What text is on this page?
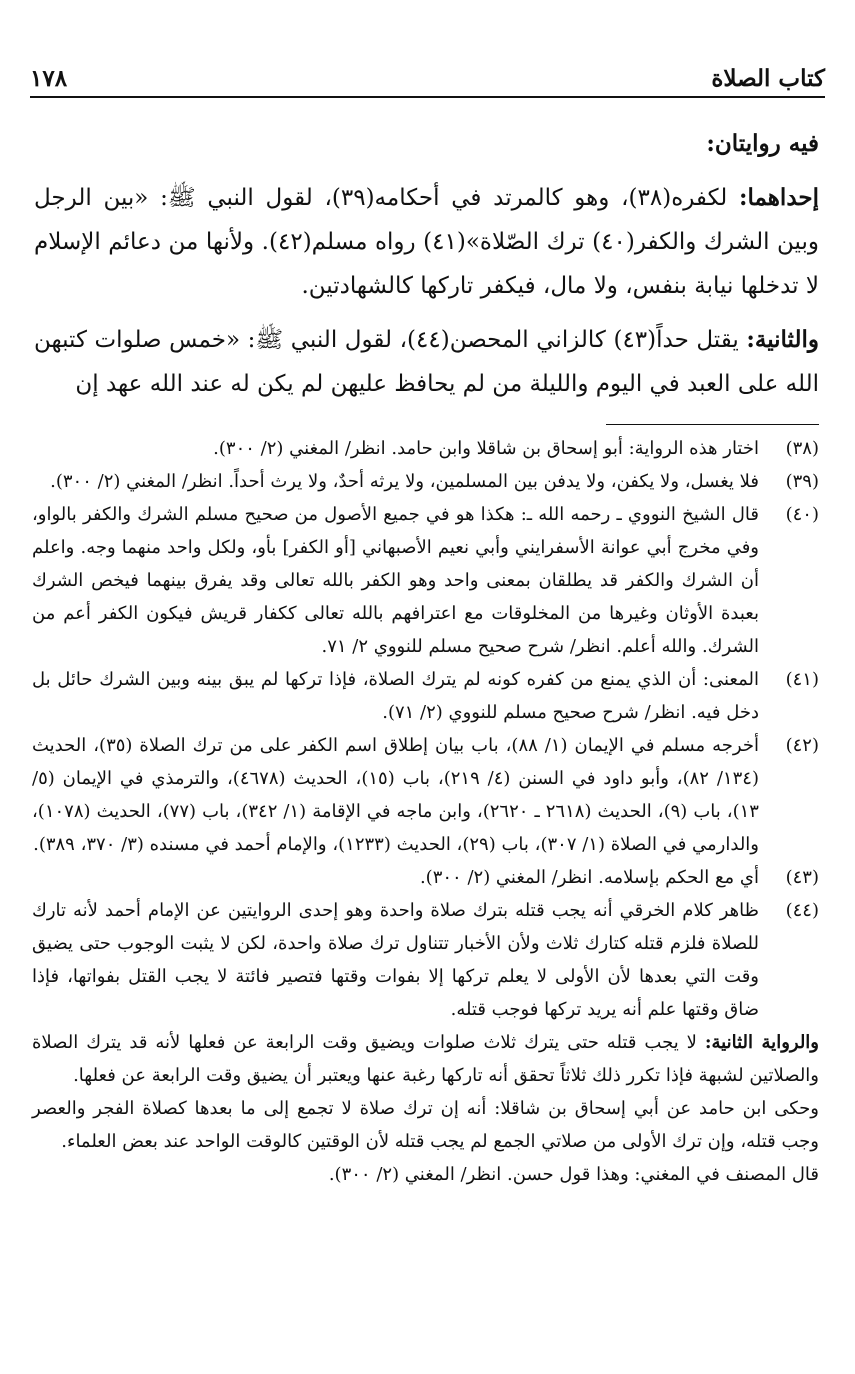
١٧٨	كتاب الصلاة

فيه روايتان:

إحداهما: لكفره(٣٨)، وهو كالمرتد في أحكامه(٣٩)، لقول النبي ﷺ: «بين الرجل وبين الشرك والكفر(٤٠) ترك الصّلاة»(٤١) رواه مسلم(٤٢). ولأنها من دعائم الإسلام لا تدخلها نيابة بنفس، ولا مال، فيكفر تاركها كالشهادتين.

والثانية: يقتل حداً(٤٣) كالزاني المحصن(٤٤)، لقول النبي ﷺ: «خمس صلوات كتبهن الله على العبد في اليوم والليلة من لم يحافظ عليهن لم يكن له عند الله عهد إن

(٣٨)
اختار هذه الرواية: أبو إسحاق بن شاقلا وابن حامد. انظر/ المغني (٢/ ٣٠٠).
(٣٩)
فلا يغسل، ولا يكفن، ولا يدفن بين المسلمين، ولا يرثه أحدٌ، ولا يرث أحداً. انظر/ المغني (٢/ ٣٠٠).
(٤٠)
قال الشيخ النووي ـ رحمه الله ـ: هكذا هو في جميع الأصول من صحيح مسلم الشرك والكفر بالواو، وفي مخرج أبي عوانة الأسفرايني وأبي نعيم الأصبهاني [أو الكفر] بأو، ولكل واحد منهما وجه. واعلم أن الشرك والكفر قد يطلقان بمعنى واحد وهو الكفر بالله تعالى وقد يفرق بينهما فيخص الشرك بعبدة الأوثان وغيرها من المخلوقات مع اعترافهم بالله تعالى ككفار قريش فيكون الكفر أعم من الشرك. والله أعلم. انظر/ شرح صحيح مسلم للنووي ٢/ ٧١.
(٤١)
المعنى: أن الذي يمنع من كفره كونه لم يترك الصلاة، فإذا تركها لم يبق بينه وبين الشرك حائل بل دخل فيه. انظر/ شرح صحيح مسلم للنووي (٢/ ٧١).
(٤٢)
أخرجه مسلم في الإيمان (١/ ٨٨)، باب بيان إطلاق اسم الكفر على من ترك الصلاة (٣٥)، الحديث (١٣٤/ ٨٢)، وأبو داود في السنن (٤/ ٢١٩)، باب (١٥)، الحديث (٤٦٧٨)، والترمذي في الإيمان (٥/ ١٣)، باب (٩)، الحديث (٢٦١٨ ـ ٢٦٢٠)، وابن ماجه في الإقامة (١/ ٣٤٢)، باب (٧٧)، الحديث (١٠٧٨)، والدارمي في الصلاة (١/ ٣٠٧)، باب (٢٩)، الحديث (١٢٣٣)، والإمام أحمد في مسنده (٣/ ٣٧٠، ٣٨٩).
(٤٣)
أي مع الحكم بإسلامه. انظر/ المغني (٢/ ٣٠٠).
(٤٤)
ظاهر كلام الخرقي أنه يجب قتله بترك صلاة واحدة وهو إحدى الروايتين عن الإمام أحمد لأنه تارك للصلاة فلزم قتله كتارك ثلاث ولأن الأخبار تتناول ترك صلاة واحدة، لكن لا يثبت الوجوب حتى يضيق وقت التي بعدها لأن الأولى لا يعلم تركها إلا بفوات وقتها فتصير فائتة لا يجب القتل بفواتها، فإذا ضاق وقتها علم أنه يريد تركها فوجب قتله.
والرواية الثانية: لا يجب قتله حتى يترك ثلاث صلوات ويضيق وقت الرابعة عن فعلها لأنه قد يترك الصلاة والصلاتين لشبهة فإذا تكرر ذلك ثلاثاً تحقق أنه تاركها رغبة عنها ويعتبر أن يضيق وقت الرابعة عن فعلها.
وحكى ابن حامد عن أبي إسحاق بن شاقلا: أنه إن ترك صلاة لا تجمع إلى ما بعدها كصلاة الفجر والعصر وجب قتله، وإن ترك الأولى من صلاتي الجمع لم يجب قتله لأن الوقتين كالوقت الواحد عند بعض العلماء.
قال المصنف في المغني: وهذا قول حسن. انظر/ المغني (٢/ ٣٠٠).
